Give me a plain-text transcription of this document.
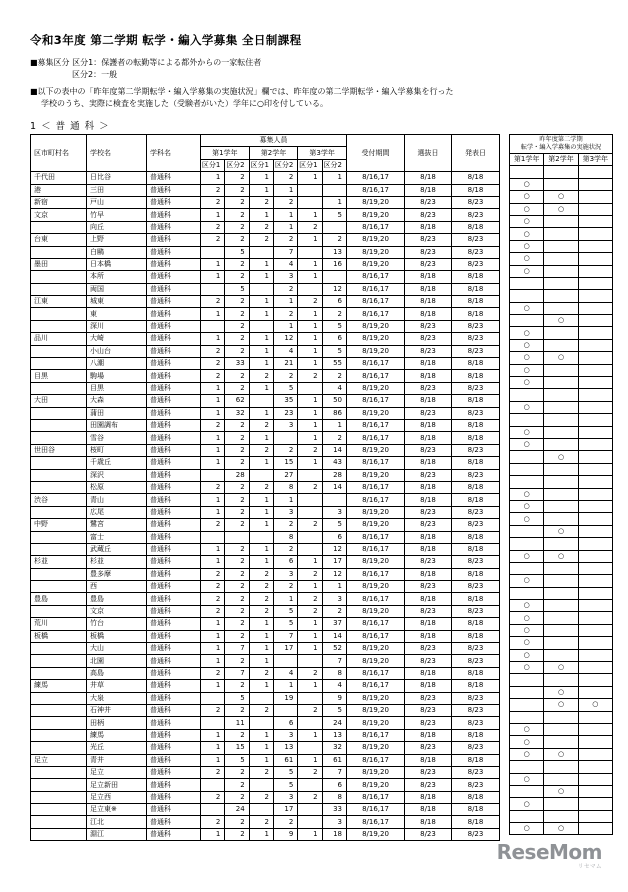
令和3年度 第二学期 転学・編入学募集 全日制課程
■募集区分 区分1：保護者の転勤等による都外からの一家転住者
区分2：一般
■以下の表中の「昨年度第二学期転学・編入学募集の実施状況」欄では、昨年度の第二学期転学・編入学募集を行った
学校のうち、実際に検査を実施した（受験者がいた）学年に○印を付している。
1 ＜ 普 通 科 ＞
区市町村名	学校名	学科名	募集人員						受付期間	選抜日	発表日
			第1学年		第2学年		第3学年				
			区分1	区分2	区分1	区分2	区分1	区分2			
千代田	日比谷	普通科	1	2	1	2	1	1	8/16,17	8/18	8/18
港	三田	普通科	2	2	1	1			8/16,17	8/18	8/18
新宿	戸山	普通科	2	2	2	2		1	8/19,20	8/23	8/23
文京	竹早	普通科	1	2	1	1	1	5	8/19,20	8/23	8/23
	向丘	普通科	2	2	2	1	2		8/16,17	8/18	8/18
台東	上野	普通科	2	2	2	2	1	2	8/19,20	8/23	8/23
	白鷗	普通科		5		7		13	8/19,20	8/23	8/23
墨田	日本橋	普通科	1	2	1	4	1	16	8/19,20	8/23	8/23
	本所	普通科	1	2	1	3	1		8/16,17	8/18	8/18
	両国	普通科		5		2		12	8/16,17	8/18	8/18
江東	城東	普通科	2	2	1	1	2	6	8/16,17	8/18	8/18
	東	普通科	1	2	1	2	1	2	8/16,17	8/18	8/18
	深川	普通科		2		1	1	5	8/19,20	8/23	8/23
品川	大崎	普通科	1	2	1	12	1	6	8/19,20	8/23	8/23
	小山台	普通科	2	2	1	4	1	5	8/19,20	8/23	8/23
	八潮	普通科	2	33	1	21	1	55	8/16,17	8/18	8/18
目黒	駒場	普通科	2	2	2	2	2	2	8/16,17	8/18	8/18
	目黒	普通科	1	2	1	5		4	8/19,20	8/23	8/23
大田	大森	普通科	1	62		35	1	50	8/16,17	8/18	8/18
	蒲田	普通科	1	32	1	23	1	86	8/19,20	8/23	8/23
	田園調布	普通科	2	2	2	3	1	1	8/16,17	8/18	8/18
	雪谷	普通科	1	2	1		1	2	8/16,17	8/18	8/18
世田谷	桜町	普通科	1	2	2	2	2	14	8/19,20	8/23	8/23
	千歳丘	普通科	1	2	1	15	1	43	8/16,17	8/18	8/18
	深沢	普通科		28		27		28	8/19,20	8/23	8/23
	松原	普通科	2	2	2	8	2	14	8/16,17	8/18	8/18
渋谷	青山	普通科	1	2	1	1			8/16,17	8/18	8/18
	広尾	普通科	1	2	1	3		3	8/19,20	8/23	8/23
中野	鷺宮	普通科	2	2	1	2	2	5	8/19,20	8/23	8/23
	富士	普通科				8		6	8/16,17	8/18	8/18
	武蔵丘	普通科	1	2	1	2		12	8/16,17	8/18	8/18
杉並	杉並	普通科	1	2	1	6	1	17	8/19,20	8/23	8/23
	豊多摩	普通科	2	2	2	3	2	12	8/16,17	8/18	8/18
	西	普通科	2	2	2	2	1	1	8/19,20	8/23	8/23
豊島	豊島	普通科	2	2	2	1	2	3	8/16,17	8/18	8/18
	文京	普通科	2	2	2	5	2	2	8/19,20	8/23	8/23
荒川	竹台	普通科	1	2	1	5	1	37	8/16,17	8/18	8/18
板橋	板橋	普通科	1	2	1	7	1	14	8/16,17	8/18	8/18
	大山	普通科	1	7	1	17	1	52	8/19,20	8/23	8/23
	北園	普通科	1	2	1			7	8/19,20	8/23	8/23
	高島	普通科	2	7	2	4	2	8	8/16,17	8/18	8/18
練馬	井草	普通科	1	2	1	1	1	4	8/16,17	8/18	8/18
	大泉	普通科		5		19		9	8/19,20	8/23	8/23
	石神井	普通科	2	2	2		2	5	8/19,20	8/23	8/23
	田柄	普通科		11		6		24	8/19,20	8/23	8/23
	練馬	普通科	1	2	1	3	1	13	8/16,17	8/18	8/18
	光丘	普通科	1	15	1	13		32	8/19,20	8/23	8/23
足立	青井	普通科	1	5	1	61	1	61	8/16,17	8/18	8/18
	足立	普通科	2	2	2	5	2	7	8/19,20	8/23	8/23
	足立新田	普通科		2		5		6	8/19,20	8/23	8/23
	足立西	普通科	2	2	2	3	2	8	8/16,17	8/18	8/18
	足立東※	普通科		24		17		33	8/16,17	8/18	8/18
	江北	普通科	2	2	2	2		3	8/16,17	8/18	8/18
	淵江	普通科	1	2	1	9	1	18	8/19,20	8/23	8/23
昨年度第二学期
転学・編入学募集の実施状況		
第1学年	第2学年	第3学年

○		
○	○	
○	○	
○		
○		
○		
○		
○		

○		
	○	
○		
○		
○	○	
○		
○		

○		

○		
○		
	○	

○		
○		
○		
	○	

○	○	

○		

○		
○		
○		
○		
○		
○	○	

	○	
	○	○

○		
○		
○	○	

○		
	○	
○		

○	○	
ReseMom
リセマム
